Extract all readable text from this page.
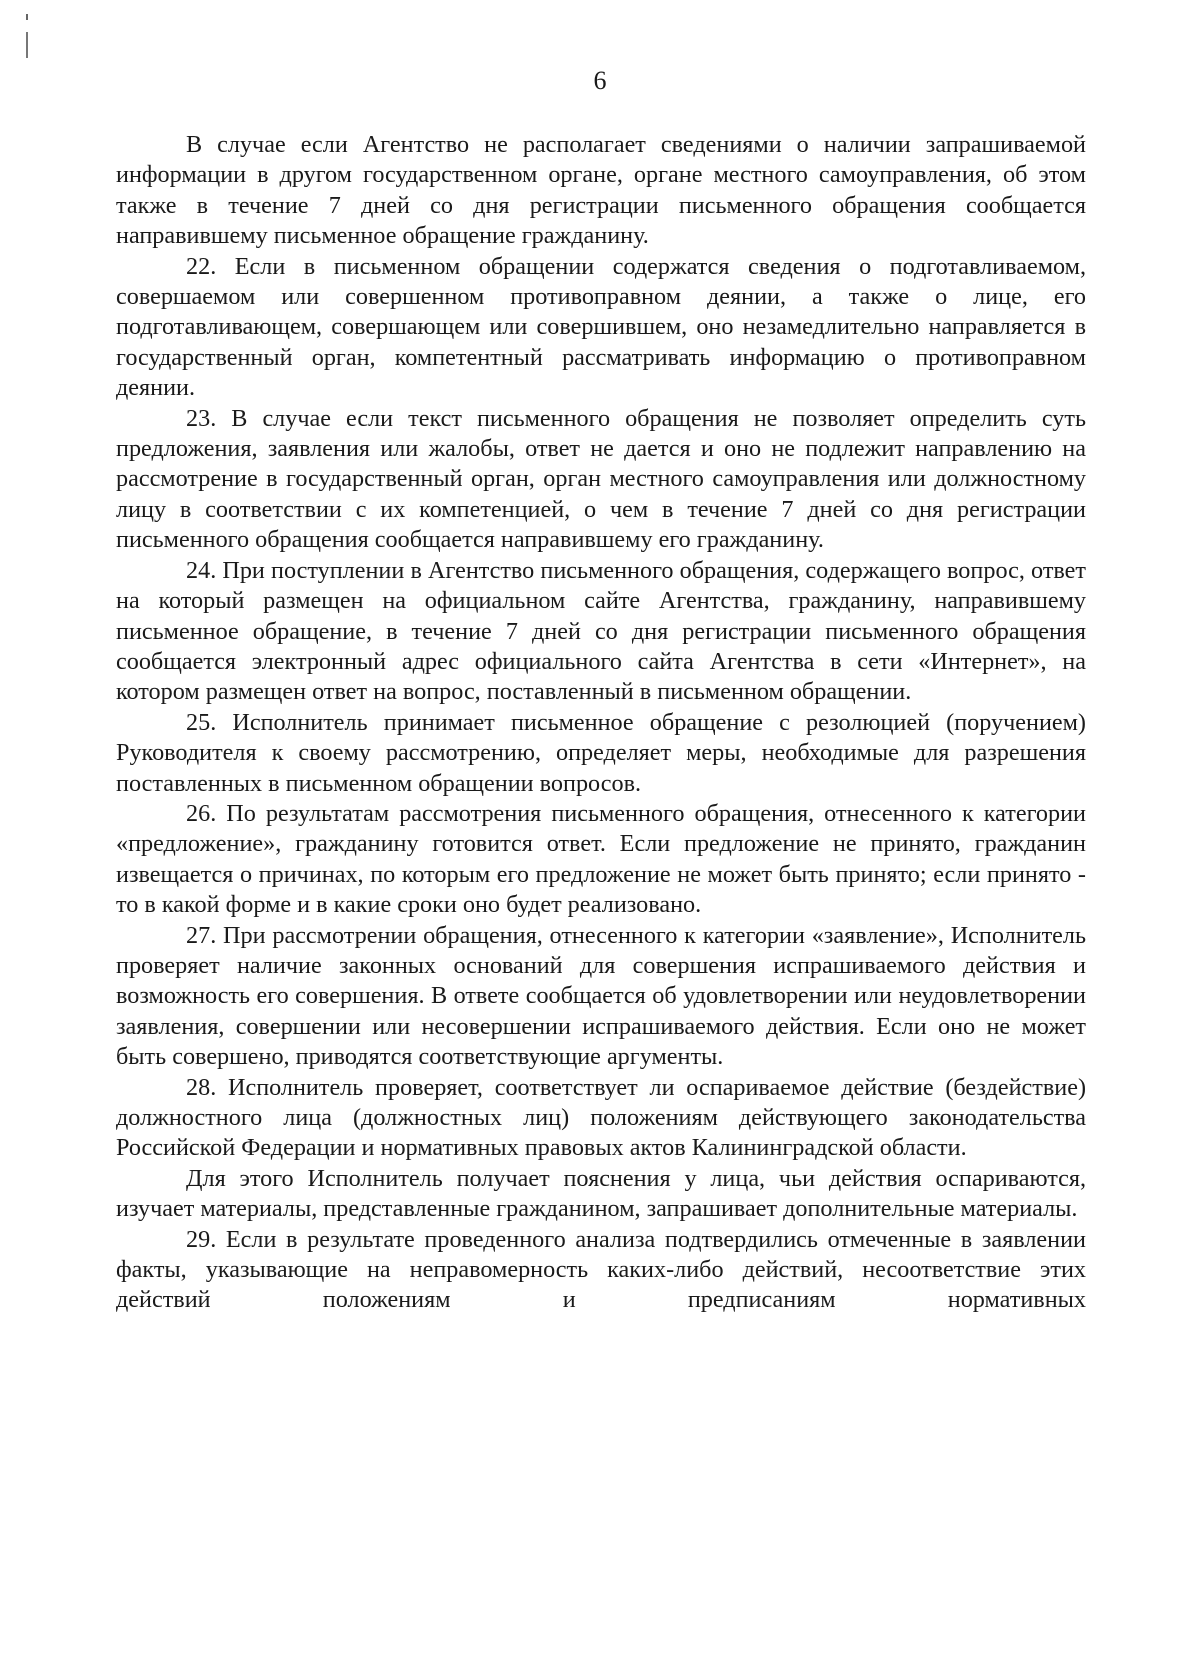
6

В случае если Агентство не располагает сведениями о наличии запрашиваемой информации в другом государственном органе, органе местного самоуправления, об этом также в течение 7 дней со дня регистрации письменного обращения сообщается направившему письменное обращение гражданину.

22. Если в письменном обращении содержатся сведения о подготавливаемом, совершаемом или совершенном противоправном деянии, а также о лице, его подготавливающем, совершающем или совершившем, оно незамедлительно направляется в государственный орган, компетентный рассматривать информацию о противоправном деянии.

23. В случае если текст письменного обращения не позволяет определить суть предложения, заявления или жалобы, ответ не дается и оно не подлежит направлению на рассмотрение в государственный орган, орган местного самоуправления или должностному лицу в соответствии с их компетенцией, о чем в течение 7 дней со дня регистрации письменного обращения сообщается направившему его гражданину.

24. При поступлении в Агентство письменного обращения, содержащего вопрос, ответ на который размещен на официальном сайте Агентства, гражданину, направившему письменное обращение, в течение 7 дней со дня регистрации письменного обращения сообщается электронный адрес официального сайта Агентства в сети «Интернет», на котором размещен ответ на вопрос, поставленный в письменном обращении.

25. Исполнитель принимает письменное обращение с резолюцией (поручением) Руководителя к своему рассмотрению, определяет меры, необходимые для разрешения поставленных в письменном обращении вопросов.

26. По результатам рассмотрения письменного обращения, отнесенного к категории «предложение», гражданину готовится ответ. Если предложение не принято, гражданин извещается о причинах, по которым его предложение не может быть принято; если принято - то в какой форме и в какие сроки оно будет реализовано.

27. При рассмотрении обращения, отнесенного к категории «заявление», Исполнитель проверяет наличие законных оснований для совершения испрашиваемого действия и возможность его совершения. В ответе сообщается об удовлетворении или неудовлетворении заявления, совершении или несовершении испрашиваемого действия. Если оно не может быть совершено, приводятся соответствующие аргументы.

28. Исполнитель проверяет, соответствует ли оспариваемое действие (бездействие) должностного лица (должностных лиц) положениям действующего законодательства Российской Федерации и нормативных правовых актов Калининградской области.

Для этого Исполнитель получает пояснения у лица, чьи действия оспариваются, изучает материалы, представленные гражданином, запрашивает дополнительные материалы.

29. Если в результате проведенного анализа подтвердились отмеченные в заявлении факты, указывающие на неправомерность каких-либо действий, несоответствие этих действий положениям и предписаниям нормативных
